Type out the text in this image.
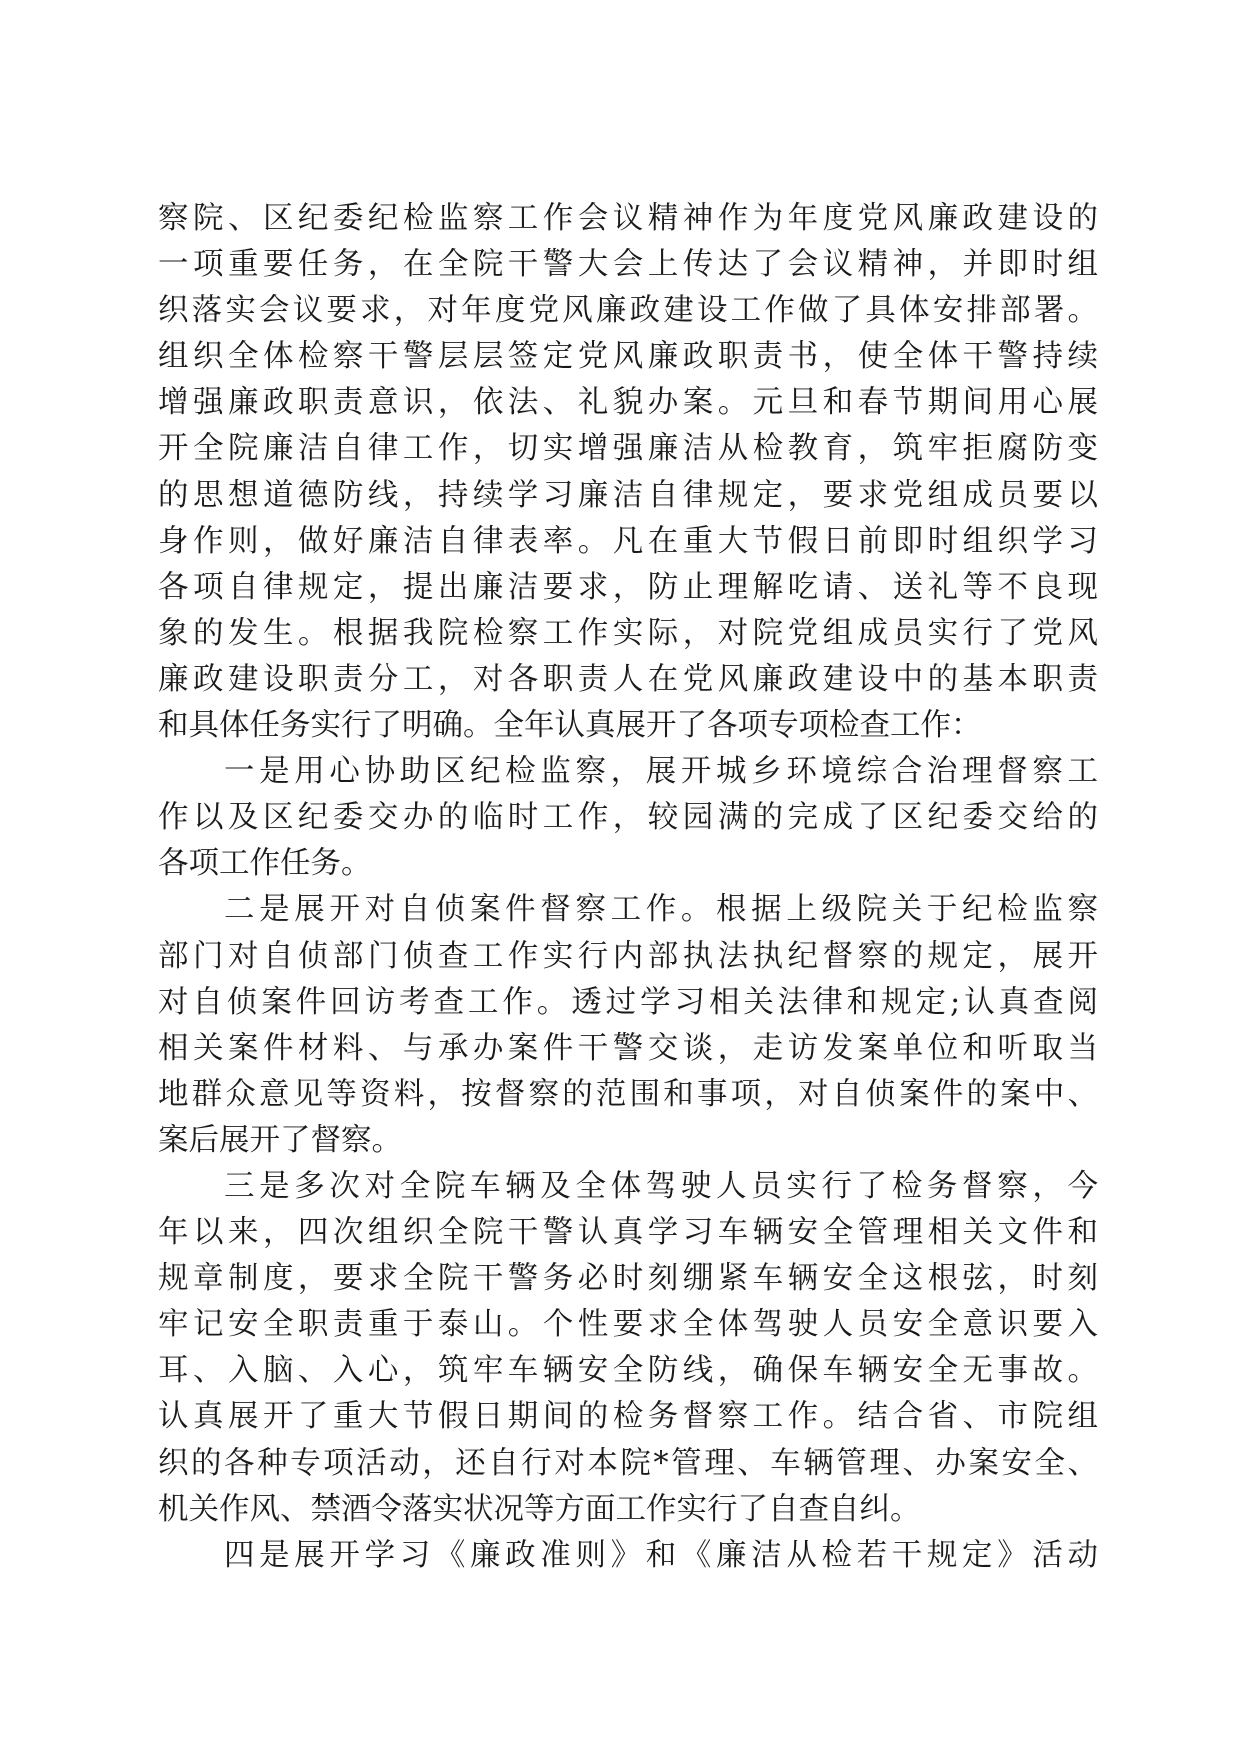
察院、区纪委纪检监察工作会议精神作为年度党风廉政建设的
一项重要任务，在全院干警大会上传达了会议精神，并即时组
织落实会议要求，对年度党风廉政建设工作做了具体安排部署。
组织全体检察干警层层签定党风廉政职责书，使全体干警持续
增强廉政职责意识，依法、礼貌办案。元旦和春节期间用心展
开全院廉洁自律工作，切实增强廉洁从检教育，筑牢拒腐防变
的思想道德防线，持续学习廉洁自律规定，要求党组成员要以
身作则，做好廉洁自律表率。凡在重大节假日前即时组织学习
各项自律规定，提出廉洁要求，防止理解吃请、送礼等不良现
象的发生。根据我院检察工作实际，对院党组成员实行了党风
廉政建设职责分工，对各职责人在党风廉政建设中的基本职责
和具体任务实行了明确。全年认真展开了各项专项检查工作：
一是用心协助区纪检监察，展开城乡环境综合治理督察工
作以及区纪委交办的临时工作，较园满的完成了区纪委交给的
各项工作任务。
二是展开对自侦案件督察工作。根据上级院关于纪检监察
部门对自侦部门侦查工作实行内部执法执纪督察的规定，展开
对自侦案件回访考查工作。透过学习相关法律和规定;认真查阅
相关案件材料、与承办案件干警交谈，走访发案单位和听取当
地群众意见等资料，按督察的范围和事项，对自侦案件的案中、
案后展开了督察。
三是多次对全院车辆及全体驾驶人员实行了检务督察，今
年以来，四次组织全院干警认真学习车辆安全管理相关文件和
规章制度，要求全院干警务必时刻绷紧车辆安全这根弦，时刻
牢记安全职责重于泰山。个性要求全体驾驶人员安全意识要入
耳、入脑、入心，筑牢车辆安全防线，确保车辆安全无事故。
认真展开了重大节假日期间的检务督察工作。结合省、市院组
织的各种专项活动，还自行对本院*管理、车辆管理、办案安全、
机关作风、禁酒令落实状况等方面工作实行了自查自纠。
四是展开学习《廉政准则》和《廉洁从检若干规定》活动
